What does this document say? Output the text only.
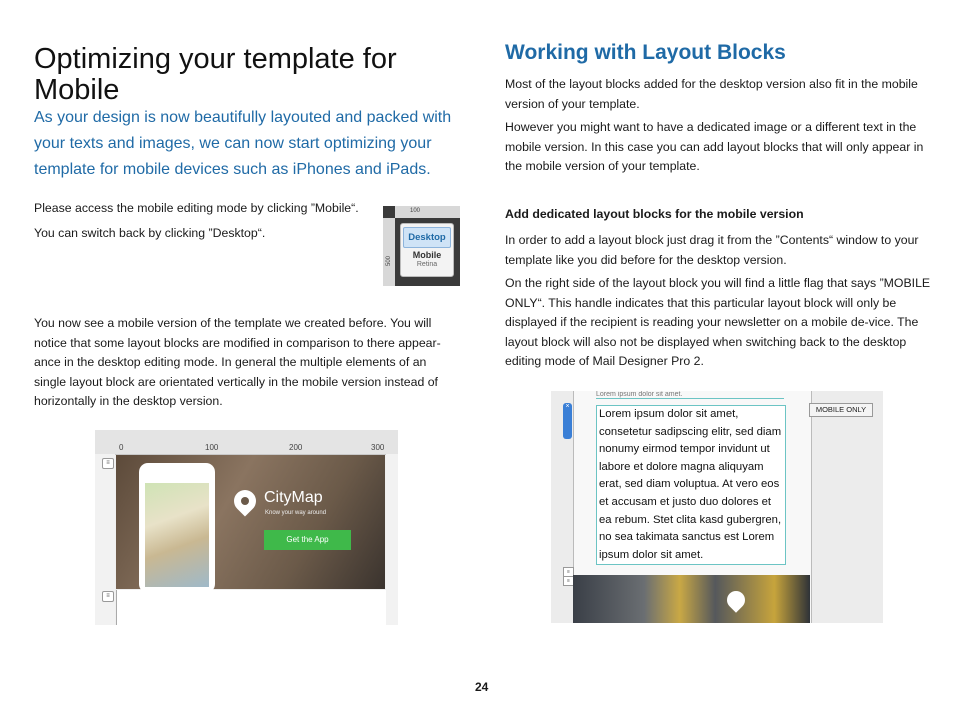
Optimizing your template for Mobile
As your design is now beautifully layouted and packed with your texts and images, we can now start optimizing your template for mobile devices such as iPhones and iPads.

Please access the mobile editing mode by clicking ”Mobile“.

You can switch back by clicking ”Desktop“.

100
500
Desktop
Mobile
Retina
You now see a mobile version of the template we created before. You will notice that some layout blocks are modified in comparison to there appear-ance in the desktop editing mode. In general the multiple elements of an single layout block are orientated vertically in the mobile version instead of horizontally in the desktop version.
0	100	200	300
≡
≡
CityMap
Know your way around
Get the App
Working with Layout Blocks

Most of the layout blocks added for the desktop version also fit in the mobile version of your template.

However you might want to have a dedicated image or a different text in the mobile version. In this case you can add layout blocks that will only appear in the mobile version of your template.

Add dedicated layout blocks for the mobile version

In order to add a layout block just drag it from the ”Contents“ window to your template like you did before for the desktop version.

On the right side of the layout block you will find a little flag that says ”MOBILE ONLY“. This handle indicates that this particular layout block will only be displayed if the recipient is reading your newsletter on a mobile de-vice. The layout block will also not be displayed when switching back to the desktop editing mode of Mail Designer Pro 2.

Lorem ipsum dolor sit amet.
×	MOBILE ONLY
Lorem ipsum dolor sit amet,
consetetur sadipscing elitr, sed diam
nonumy eirmod tempor invidunt ut
labore et dolore magna aliquyam
erat, sed diam voluptua. At vero eos
et accusam et justo duo dolores et
ea rebum. Stet clita kasd gubergren,
no sea takimata sanctus est Lorem
ipsum dolor sit amet.
≡
≡
24
